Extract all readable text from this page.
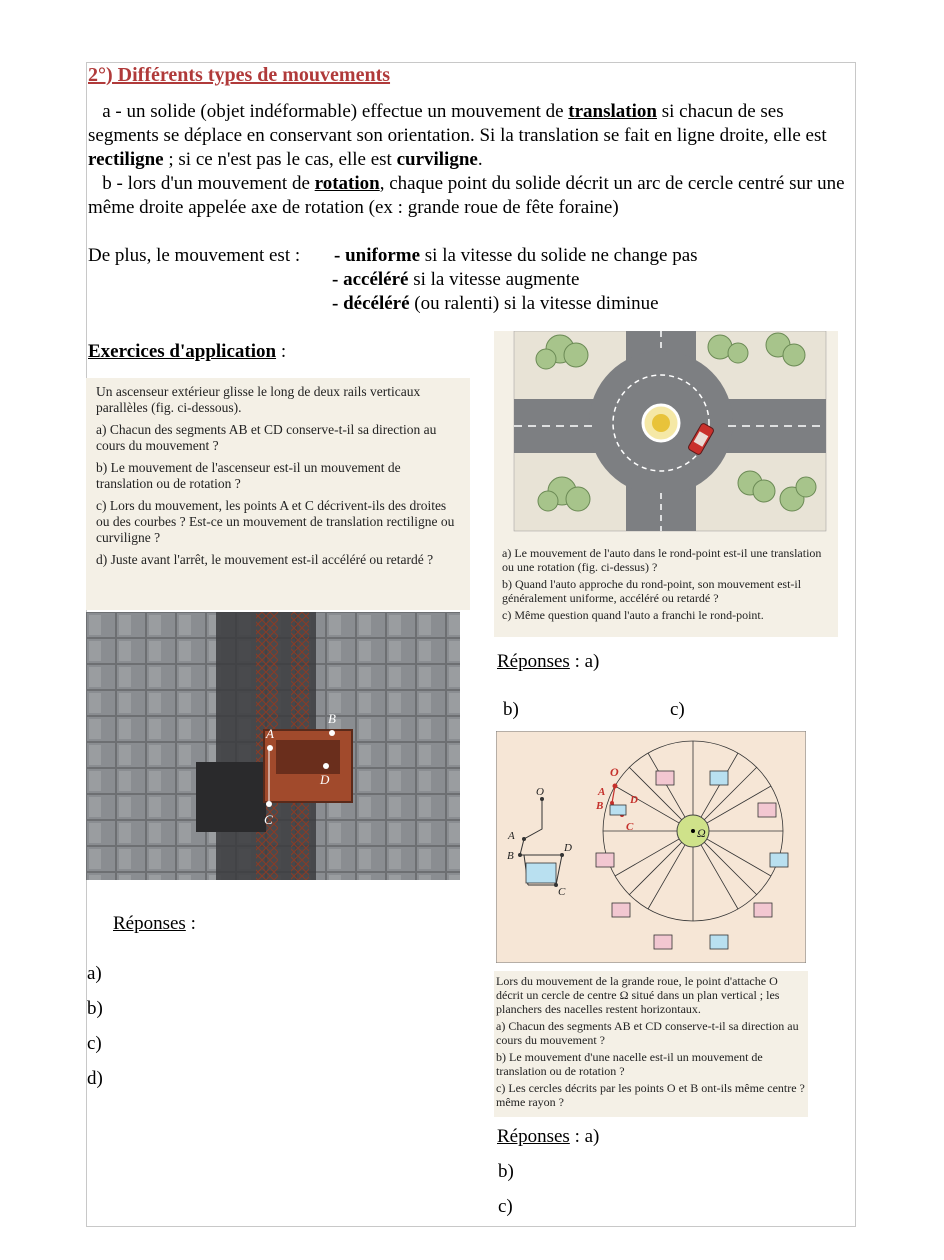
2°) Différents types de mouvements
a - un solide (objet indéformable) effectue un mouvement de translation si chacun de ses segments se déplace en conservant son orientation. Si la translation se fait en ligne droite, elle est rectiligne ; si ce n'est pas le cas, elle est curviligne.
b - lors d'un mouvement de rotation, chaque point du solide décrit un arc de cercle centré sur une même droite appelée axe de rotation (ex : grande roue de fête foraine)
De plus, le mouvement est : - uniforme si la vitesse du solide ne change pas
- accéléré si la vitesse augmente
- décéléré (ou ralenti) si la vitesse diminue
Exercices d'application :

Un ascenseur extérieur glisse le long de deux rails verticaux parallèles (fig. ci-dessous).

a) Chacun des segments AB et CD conserve-t-il sa direction au cours du mouvement ?

b) Le mouvement de l'ascenseur est-il un mouvement de translation ou de rotation ?

c) Lors du mouvement, les points A et C décrivent-ils des droites ou des courbes ? Est-ce un mouvement de translation rectiligne ou curviligne ?

d) Juste avant l'arrêt, le mouvement est-il accéléré ou retardé ?

A
B
C
D
Réponses :
a)
b)
c)
d)

a) Le mouvement de l'auto dans le rond-point est-il une translation ou une rotation (fig. ci-dessus) ?

b) Quand l'auto approche du rond-point, son mouvement est-il généralement uniforme, accéléré ou retardé ?

c) Même question quand l'auto a franchi le rond-point.

Réponses : a)
b)	c)
Ω
O
A
B D
C
O
A
B
D
C

Lors du mouvement de la grande roue, le point d'attache O décrit un cercle de centre Ω situé dans un plan vertical ; les planchers des nacelles restent horizontaux.

a) Chacun des segments AB et CD conserve-t-il sa direction au cours du mouvement ?

b) Le mouvement d'une nacelle est-il un mouvement de translation ou de rotation ?

c) Les cercles décrits par les points O et B ont-ils même centre ? même rayon ?

Réponses : a)
b)
c)
